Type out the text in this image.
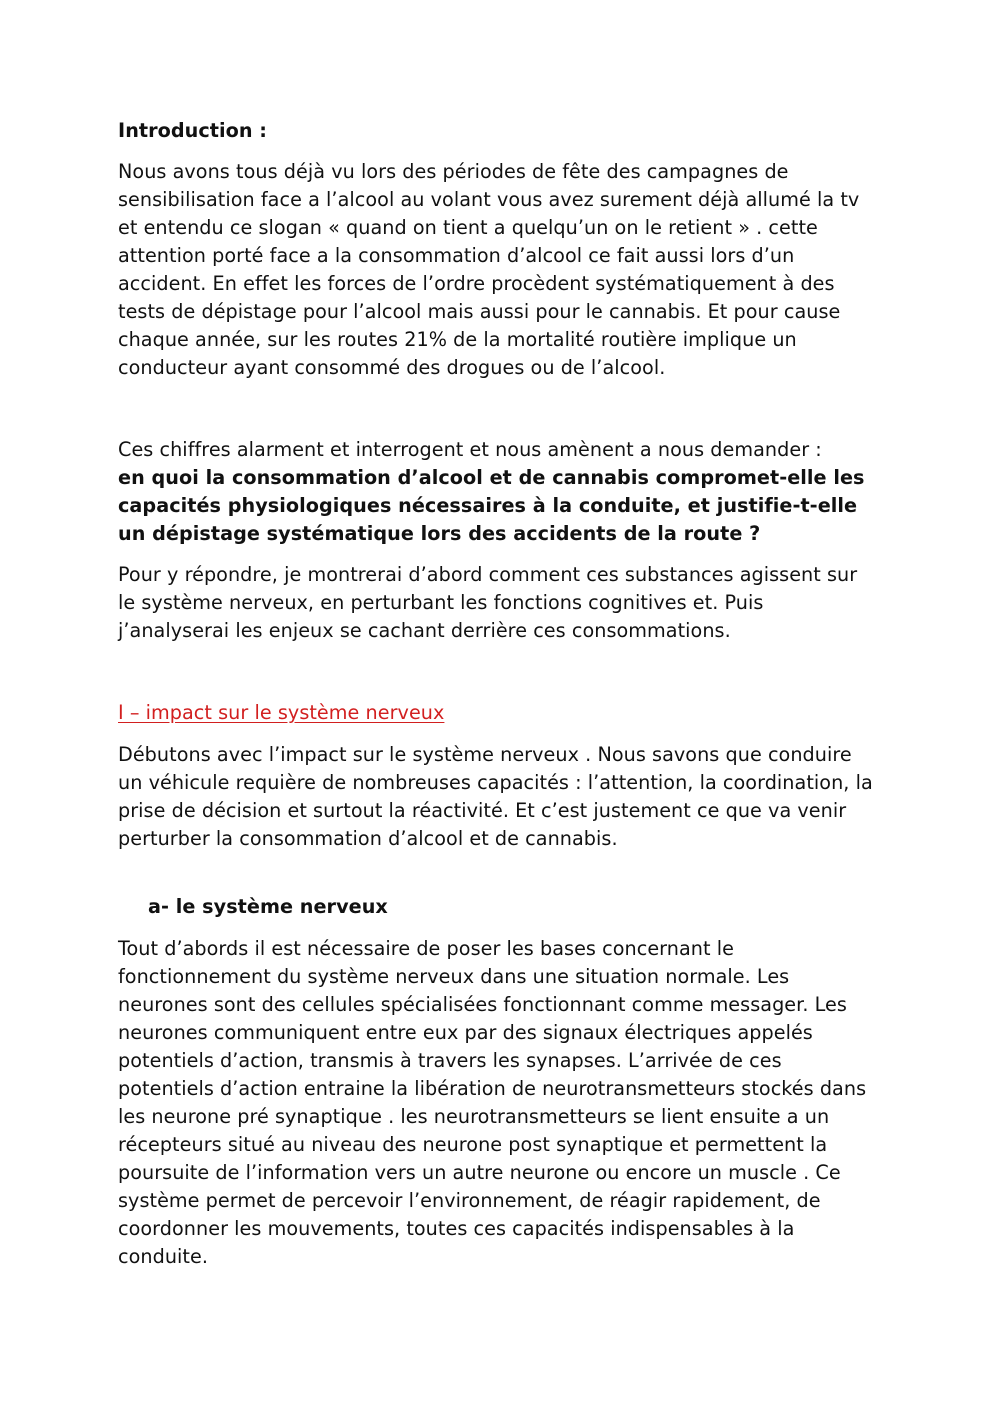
Introduction :

Nous avons tous déjà vu lors des périodes de fête des campagnes de sensibilisation face a l’alcool au volant vous avez surement déjà allumé la tv et entendu ce slogan « quand on tient a quelqu’un on le retient » . cette attention porté face a la consommation d’alcool ce fait aussi lors d’un accident. En effet les forces de l’ordre procèdent systématiquement à des tests de dépistage pour l’alcool mais aussi pour le cannabis. Et pour cause chaque année, sur les routes 21% de la mortalité routière implique un conducteur ayant consommé des drogues ou de l’alcool.

Ces chiffres alarment et interrogent et nous amènent a nous demander :
en quoi la consommation d’alcool et de cannabis compromet-elle les capacités physiologiques nécessaires à la conduite, et justifie-t-elle un dépistage systématique lors des accidents de la route ?

Pour y répondre, je montrerai d’abord comment ces substances agissent sur le système nerveux, en perturbant les fonctions cognitives et. Puis j’analyserai les enjeux se cachant derrière ces consommations.

I – impact sur le système nerveux

Débutons avec l’impact sur le système nerveux . Nous savons que conduire un véhicule requière de nombreuses capacités : l’attention, la coordination, la prise de décision et surtout la réactivité. Et c’est justement ce que va venir perturber la consommation d’alcool et de cannabis.

a- le système nerveux

Tout d’abords il est nécessaire de poser les bases concernant le fonctionnement du système nerveux dans une situation normale. Les neurones sont des cellules spécialisées fonctionnant comme messager. Les neurones communiquent entre eux par des signaux électriques appelés potentiels d’action, transmis à travers les synapses. L’arrivée de ces potentiels d’action entraine la libération de neurotransmetteurs stockés dans les neurone pré synaptique . les neurotransmetteurs se lient ensuite a un récepteurs situé au niveau des neurone post synaptique et permettent la poursuite de l’information vers un autre neurone ou encore un muscle . Ce système permet de percevoir l’environnement, de réagir rapidement, de coordonner les mouvements, toutes ces capacités indispensables à la conduite.
